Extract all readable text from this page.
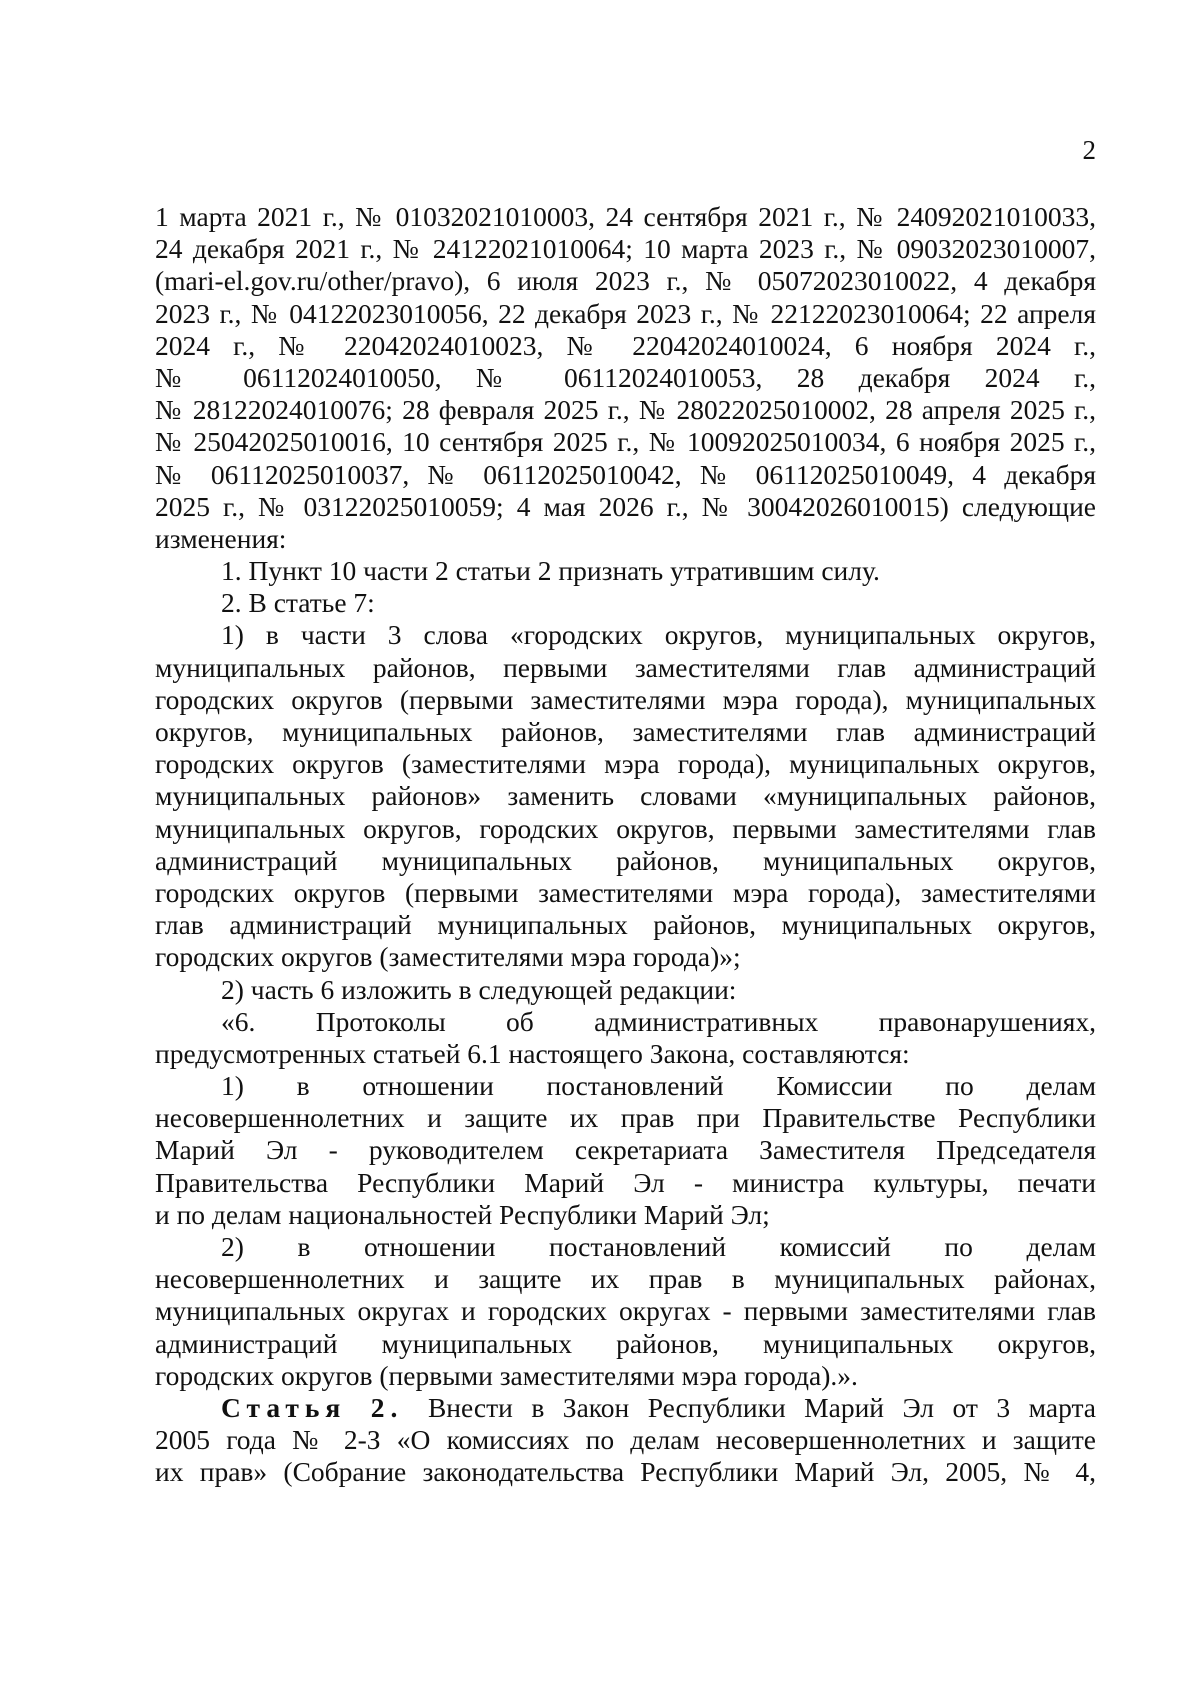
2
1 марта 2021 г., № 01032021010003, 24 сентября 2021 г., № 24092021010033,
24 декабря 2021 г., № 24122021010064; 10 марта 2023 г., № 09032023010007,
(mari-el.gov.ru/other/pravo), 6 июля 2023 г., № 05072023010022, 4 декабря
2023 г., № 04122023010056, 22 декабря 2023 г., № 22122023010064; 22 апреля
2024 г., № 22042024010023, № 22042024010024, 6 ноября 2024 г.,
№ 06112024010050, № 06112024010053, 28 декабря 2024 г.,
№ 28122024010076; 28 февраля 2025 г., № 28022025010002, 28 апреля 2025 г.,
№ 25042025010016, 10 сентября 2025 г., № 10092025010034, 6 ноября 2025 г.,
№ 06112025010037, № 06112025010042, № 06112025010049, 4 декабря
2025 г., № 03122025010059; 4 мая 2026 г., № 30042026010015) следующие
изменения:
1. Пункт 10 части 2 статьи 2 признать утратившим силу.
2. В статье 7:
1) в части 3 слова «городских округов, муниципальных округов,
муниципальных районов, первыми заместителями глав администраций
городских округов (первыми заместителями мэра города), муниципальных
округов, муниципальных районов, заместителями глав администраций
городских округов (заместителями мэра города), муниципальных округов,
муниципальных районов» заменить словами «муниципальных районов,
муниципальных округов, городских округов, первыми заместителями глав
администраций муниципальных районов, муниципальных округов,
городских округов (первыми заместителями мэра города), заместителями
глав администраций муниципальных районов, муниципальных округов,
городских округов (заместителями мэра города)»;
2) часть 6 изложить в следующей редакции:
«6. Протоколы об административных правонарушениях,
предусмотренных статьей 6.1 настоящего Закона, составляются:
1) в отношении постановлений Комиссии по делам
несовершеннолетних и защите их прав при Правительстве Республики
Марий Эл - руководителем секретариата Заместителя Председателя
Правительства Республики Марий Эл - министра культуры, печати
и по делам национальностей Республики Марий Эл;
2) в отношении постановлений комиссий по делам
несовершеннолетних и защите их прав в муниципальных районах,
муниципальных округах и городских округах - первыми заместителями глав
администраций муниципальных районов, муниципальных округов,
городских округов (первыми заместителями мэра города).».
Статья 2. Внести в Закон Республики Марий Эл от 3 марта
2005 года № 2-З «О комиссиях по делам несовершеннолетних и защите
их прав» (Собрание законодательства Республики Марий Эл, 2005, № 4,
